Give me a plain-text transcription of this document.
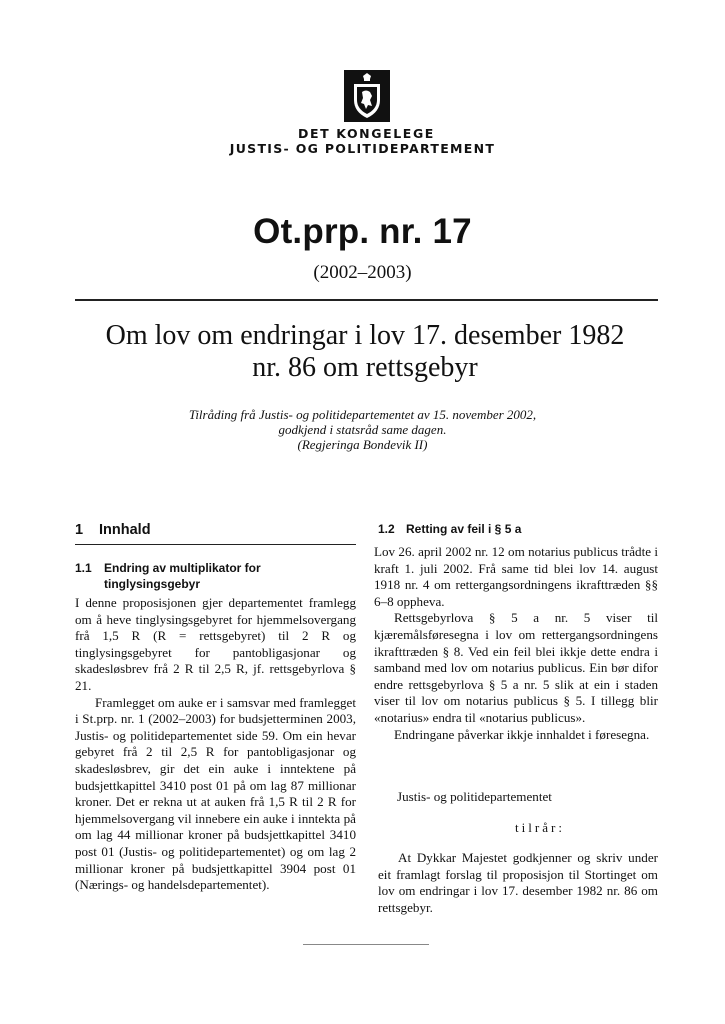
DET KONGELEGE
JUSTIS- OG POLITIDEPARTEMENT
Ot.prp. nr. 17
(2002–2003)
Om lov om endringar i lov 17. desember 1982
nr. 86 om rettsgebyr
Tilråding frå Justis- og politidepartementet av 15. november 2002,
godkjend i statsråd same dagen.
(Regjeringa Bondevik II)
1 Innhald
1.1 Endring av multiplikator for
tinglysingsgebyr

I denne proposisjonen gjer departementet framlegg om å heve tinglysingsgebyret for hjemmelsovergang frå 1,5 R (R = rettsgebyret) til 2 R og tinglysingsgebyret for pantobligasjonar og skadesløsbrev frå 2 R til 2,5 R, jf. rettsgebyrlova § 21.

Framlegget om auke er i samsvar med framlegget i St.prp. nr. 1 (2002–2003) for budsjetterminen 2003, Justis- og politidepartementet side 59. Om ein hevar gebyret frå 2 til 2,5 R for pantobligasjonar og skadesløsbrev, gir det ein auke i inntektene på budsjettkapittel 3410 post 01 på om lag 87 millionar kroner. Det er rekna ut at auken frå 1,5 R til 2 R for hjemmelsovergang vil innebere ein auke i inntekta på om lag 44 millionar kroner på budsjettkapittel 3410 post 01 (Justis- og politidepartementet) og om lag 2 millionar kroner på budsjettkapittel 3904 post 01 (Nærings- og handelsdepartementet).

1.2 Retting av feil i § 5 a

Lov 26. april 2002 nr. 12 om notarius publicus trådte i kraft 1. juli 2002. Frå same tid blei lov 14. august 1918 nr. 4 om rettergangsordningens ikrafttræden §§ 6–8 oppheva.

Rettsgebyrlova § 5 a nr. 5 viser til kjæremålsføresegna i lov om rettergangsordningens ikrafttræden § 8. Ved ein feil blei ikkje dette endra i samband med lov om notarius publicus. Ein bør difor endre rettsgebyrlova § 5 a nr. 5 slik at ein i staden viser til lov om notarius publicus § 5. I tillegg blir «notarius» endra til «notarius publicus».

Endringane påverkar ikkje innhaldet i føresegna.

Justis- og politidepartementet
tilrår:
At Dykkar Majestet godkjenner og skriv under eit framlagt forslag til proposisjon til Stortinget om lov om endringar i lov 17. desember 1982 nr. 86 om rettsgebyr.
